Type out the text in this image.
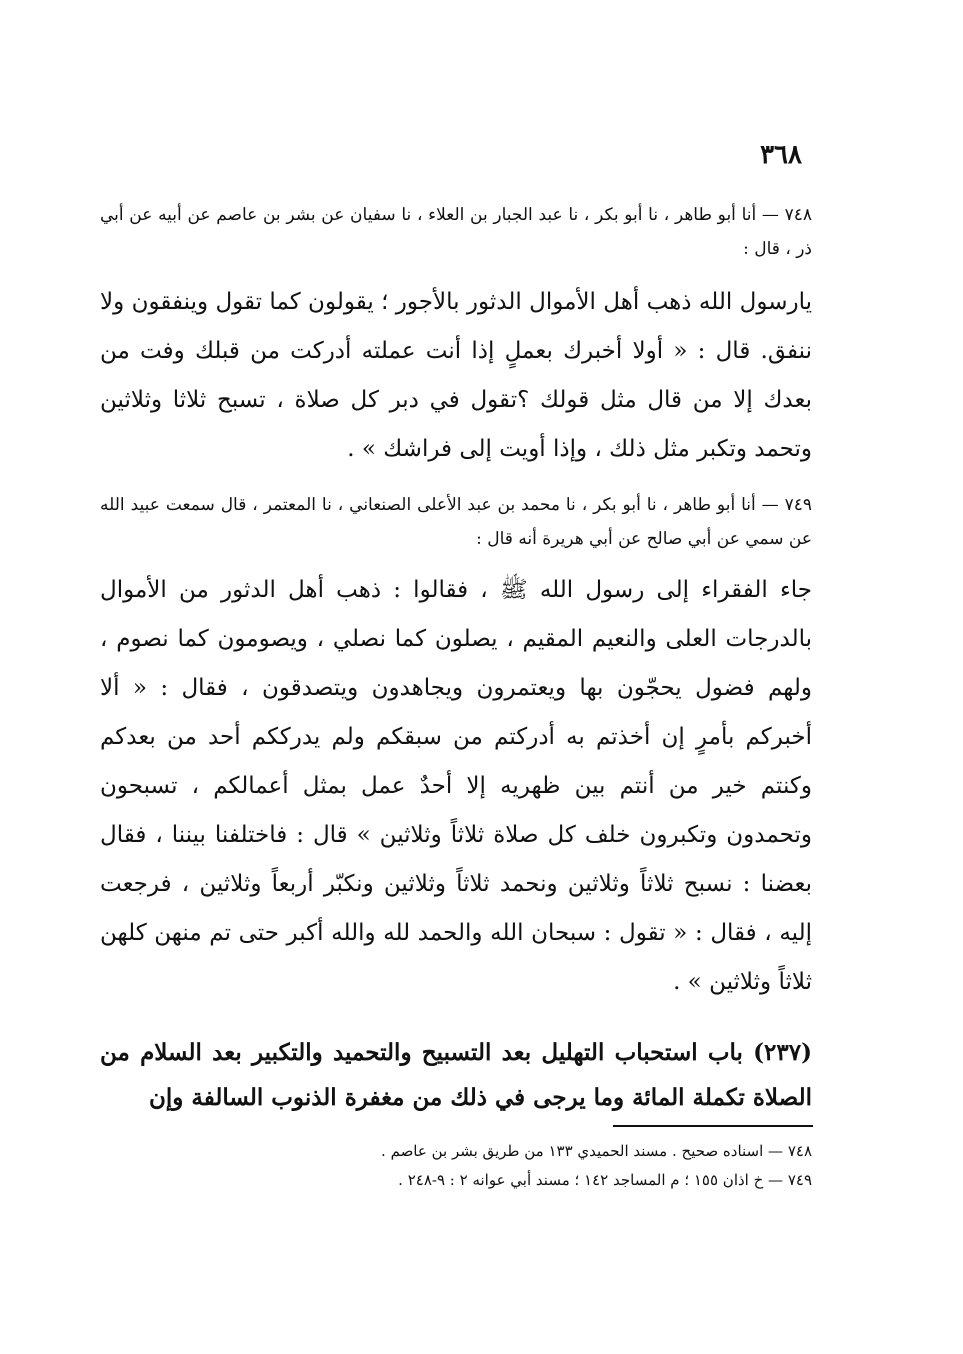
٣٦٨
٧٤٨ — أنا أبو طاهر ، نا أبو بكر ، نا عبد الجبار بن العلاء ، نا سفيان عن بشر بن عاصم عن أبيه عن أبي ذر ، قال :
يارسول الله ذهب أهل الأموال الدثور بالأجور ؛ يقولون كما تقول وينفقون ولا ننفق. قال : « أولا أخبرك بعملٍ إذا أنت عملته أدركت من قبلك وفت من بعدك إلا من قال مثل قولك ؟تقول في دبر كل صلاة ، تسبح ثلاثا وثلاثين وتحمد وتكبر مثل ذلك ، وإذا أويت إلى فراشك » .
٧٤٩ — أنا أبو طاهر ، نا أبو بكر ، نا محمد بن عبد الأعلى الصنعاني ، نا المعتمر ، قال سمعت عبيد الله عن سمي عن أبي صالح عن أبي هريرة أنه قال :
جاء الفقراء إلى رسول الله ﷺ ، فقالوا : ذهب أهل الدثور من الأموال بالدرجات العلى والنعيم المقيم ، يصلون كما نصلي ، ويصومون كما نصوم ، ولهم فضول يحجّون بها ويعتمرون ويجاهدون ويتصدقون ، فقال : « ألا أخبركم بأمرٍ إن أخذتم به أدركتم من سبقكم ولم يدرككم أحد من بعدكم وكنتم خير من أنتم بين ظهريه إلا أحدٌ عمل بمثل أعمالكم ، تسبحون وتحمدون وتكبرون خلف كل صلاة ثلاثاً وثلاثين » قال : فاختلفنا بيننا ، فقال بعضنا : نسبح ثلاثاً وثلاثين ونحمد ثلاثاً وثلاثين ونكبّر أربعاً وثلاثين ، فرجعت إليه ، فقال : « تقول : سبحان الله والحمد لله والله أكبر حتى تم منهن كلهن ثلاثاً وثلاثين » .
(٢٣٧) باب استحباب التهليل بعد التسبيح والتحميد والتكبير بعد السلام من الصلاة تكملة المائة وما يرجى في ذلك من مغفرة الذنوب السالفة وإن
٧٤٨ — اسناده صحيح . مسند الحميدي ١٣٣ من طريق بشر بن عاصم .
٧٤٩ — خ اذان ١٥٥ ؛ م المساجد ١٤٢ ؛ مسند أبي عوانه ٢ : ٩-٢٤٨ .
